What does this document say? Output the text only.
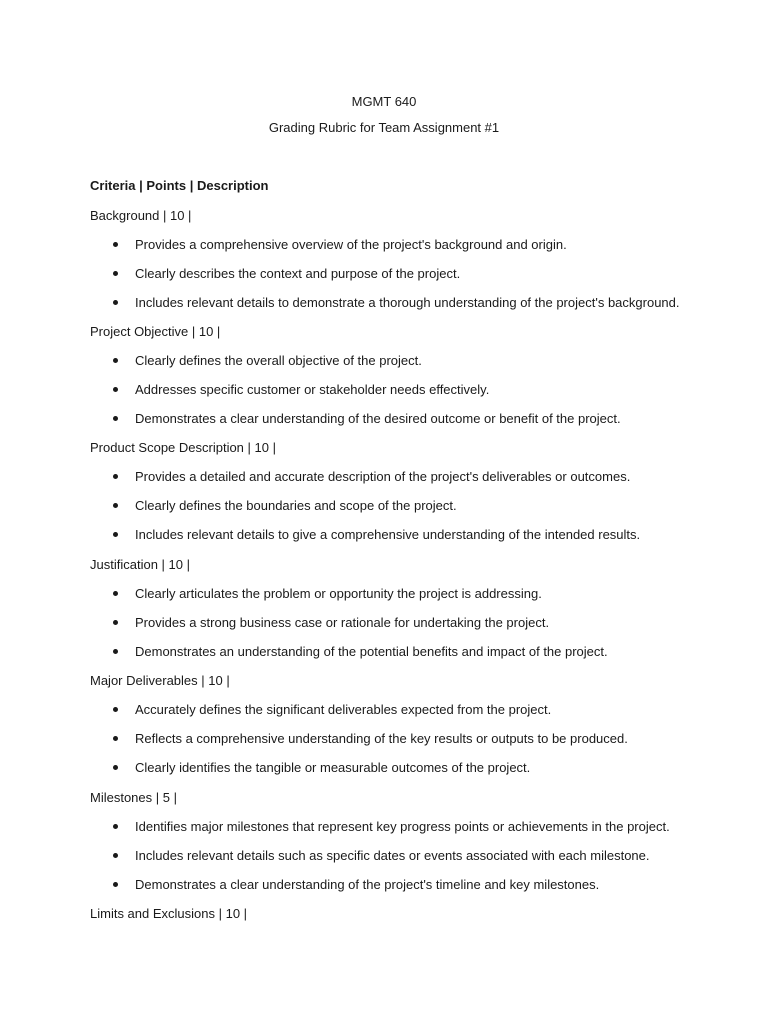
MGMT 640
Grading Rubric for Team Assignment #1
Criteria | Points | Description
Background | 10 |
Provides a comprehensive overview of the project's background and origin.
Clearly describes the context and purpose of the project.
Includes relevant details to demonstrate a thorough understanding of the project's background.
Project Objective | 10 |
Clearly defines the overall objective of the project.
Addresses specific customer or stakeholder needs effectively.
Demonstrates a clear understanding of the desired outcome or benefit of the project.
Product Scope Description | 10 |
Provides a detailed and accurate description of the project's deliverables or outcomes.
Clearly defines the boundaries and scope of the project.
Includes relevant details to give a comprehensive understanding of the intended results.
Justification | 10 |
Clearly articulates the problem or opportunity the project is addressing.
Provides a strong business case or rationale for undertaking the project.
Demonstrates an understanding of the potential benefits and impact of the project.
Major Deliverables | 10 |
Accurately defines the significant deliverables expected from the project.
Reflects a comprehensive understanding of the key results or outputs to be produced.
Clearly identifies the tangible or measurable outcomes of the project.
Milestones | 5 |
Identifies major milestones that represent key progress points or achievements in the project.
Includes relevant details such as specific dates or events associated with each milestone.
Demonstrates a clear understanding of the project's timeline and key milestones.
Limits and Exclusions | 10 |
